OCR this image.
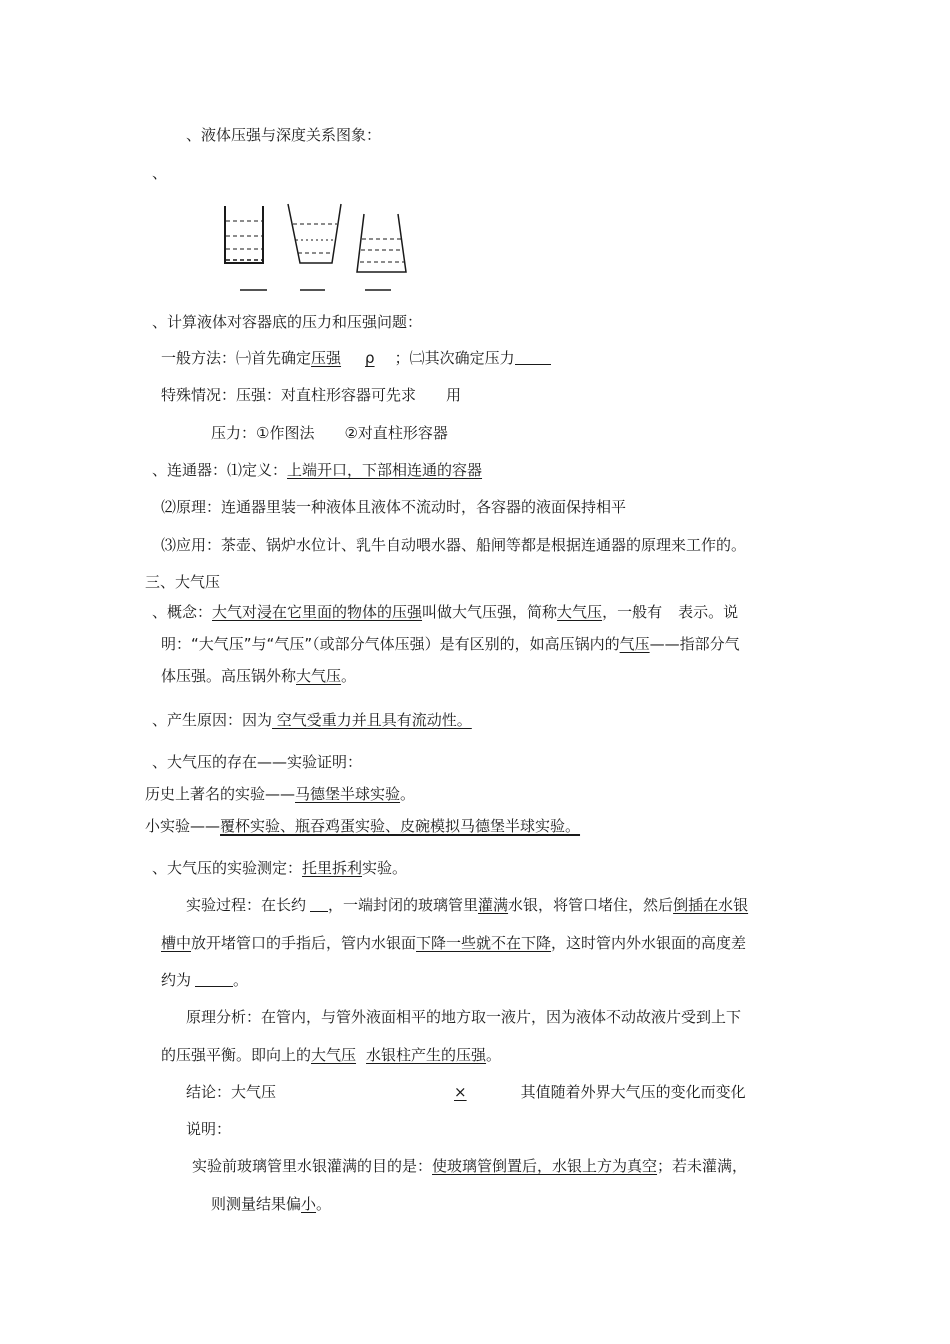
、液体压强与深度关系图象：
、
、计算液体对容器底的压力和压强问题：
一般方法：㈠首先确定压强 ρ ；㈡其次确定压力
特殊情况：压强：对直柱形容器可先求 用
压力：①作图法 ②对直柱形容器
、连通器：⑴定义：上端开口，下部相连通的容器
⑵原理：连通器里装一种液体且液体不流动时，各容器的液面保持相平
⑶应用：茶壶、锅炉水位计、乳牛自动喂水器、船闸等都是根据连通器的原理来工作的。
三、大气压
、概念：大气对浸在它里面的物体的压强叫做大气压强，简称大气压，一般有 表示。说
明：“大气压”与“气压”（或部分气体压强）是有区别的，如高压锅内的气压——指部分气
体压强。高压锅外称大气压。
、产生原因：因为 空气受重力并且具有流动性。
、大气压的存在——实验证明：
历史上著名的实验——马德堡半球实验。
小实验——覆杯实验、瓶吞鸡蛋实验、皮碗模拟马德堡半球实验。
、大气压的实验测定：托里拆利实验。
实验过程：在长约 ，一端封闭的玻璃管里灌满水银，将管口堵住，然后倒插在水银
槽中放开堵管口的手指后，管内水银面下降一些就不在下降，这时管内外水银面的高度差
约为	。
原理分析：在管内，与管外液面相平的地方取一液片，因为液体不动故液片受到上下
的压强平衡。即向上的大气压 水银柱产生的压强。
结论：大气压	×	其值随着外界大气压的变化而变化
说明：
实验前玻璃管里水银灌满的目的是：使玻璃管倒置后，水银上方为真空；若未灌满，
则测量结果偏小。
